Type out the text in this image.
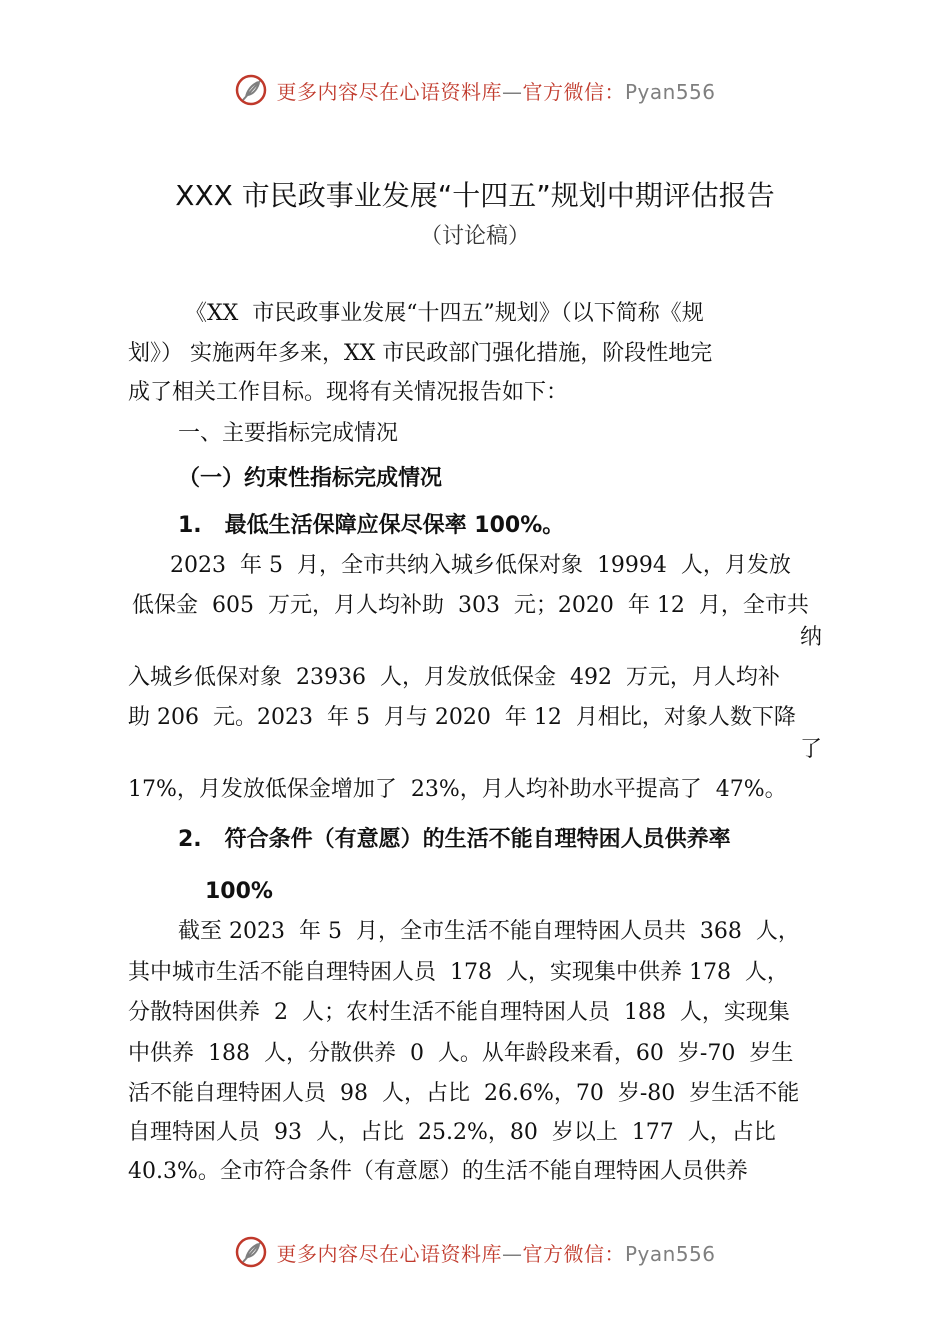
更多内容尽在心语资料库—官方微信：Pyan556
XXX 市民政事业发展“十四五”规划中期评估报告
（讨论稿）
《XX  市民政事业发展“十四五”规划》（以下简称《规
划》） 实施两年多来，XX 市民政部门强化措施，阶段性地完
成了相关工作目标。现将有关情况报告如下：
一、主要指标完成情况
（一）约束性指标完成情况
1.   最低生活保障应保尽保率 100%。
2023  年 5  月，全市共纳入城乡低保对象  19994  人，月发放
低保金  605  万元，月人均补助  303  元；2020  年 12  月，全市共
纳
入城乡低保对象  23936  人，月发放低保金  492  万元，月人均补
助 206  元。2023  年 5  月与 2020  年 12  月相比，对象人数下降
了
17%，月发放低保金增加了  23%，月人均补助水平提高了  47%。
2.   符合条件（有意愿）的生活不能自理特困人员供养率
100%
截至 2023  年 5  月，全市生活不能自理特困人员共  368  人，
其中城市生活不能自理特困人员  178  人，实现集中供养 178  人，
分散特困供养  2  人；农村生活不能自理特困人员  188  人，实现集
中供养  188  人，分散供养  0  人。从年龄段来看，60  岁-70  岁生
活不能自理特困人员  98  人，占比  26.6%，70  岁-80  岁生活不能
自理特困人员  93  人，占比  25.2%，80  岁以上  177  人，占比
40.3%。全市符合条件（有意愿）的生活不能自理特困人员供养
更多内容尽在心语资料库—官方微信：Pyan556
